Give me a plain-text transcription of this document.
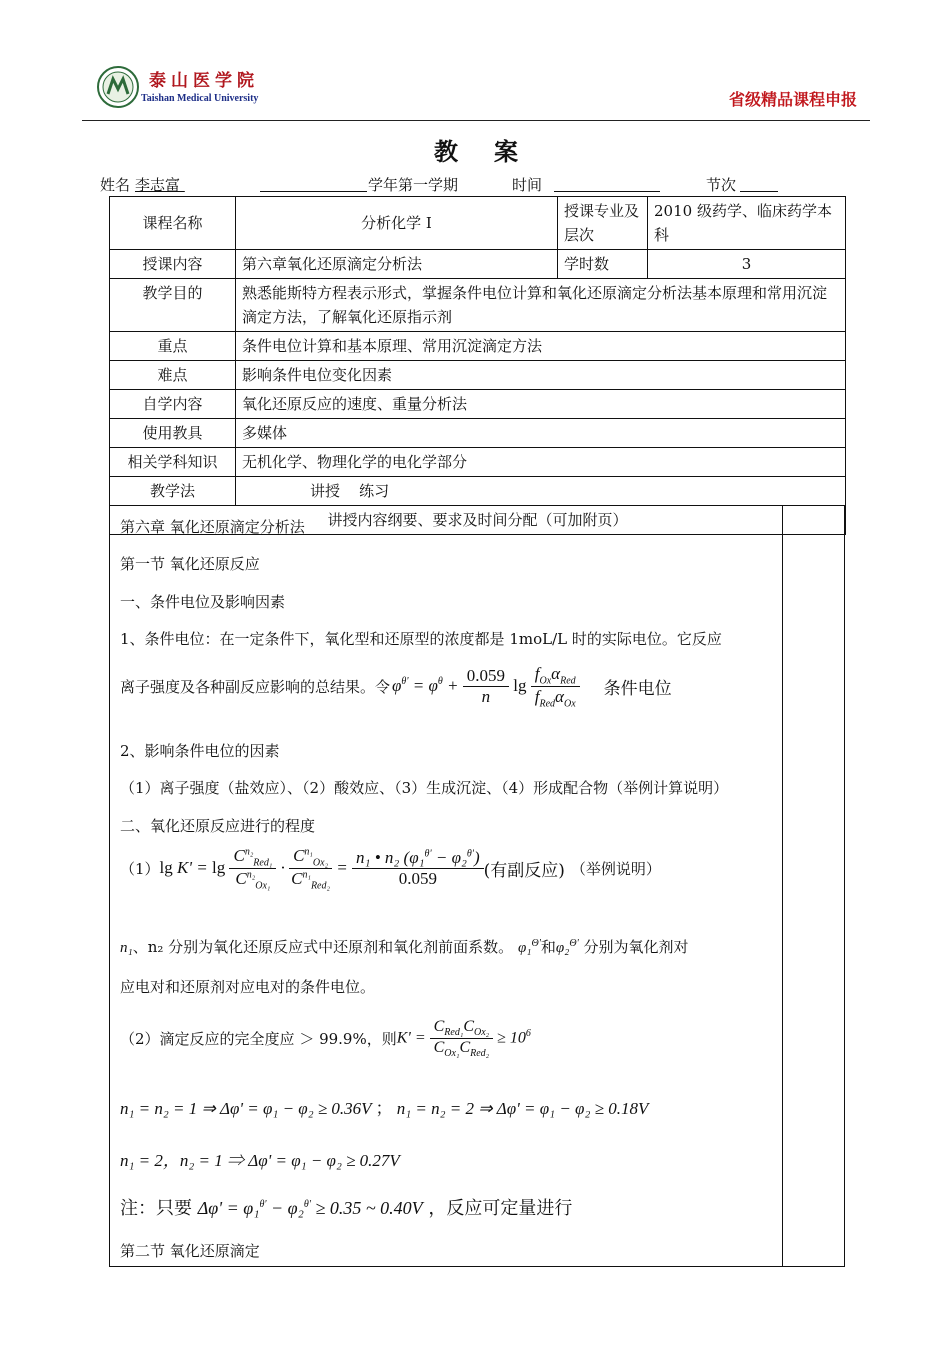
泰山医学院
Taishan Medical University	省级精品课程申报
教案
姓名 李志富	学年第一学期	时间	节次
课程名称	分析化学 I	授课专业及层次	2010 级药学、临床药学本科
授课内容	第六章氧化还原滴定分析法	学时数	3
教学目的	熟悉能斯特方程表示形式，掌握条件电位计算和氧化还原滴定分析法基本原理和常用沉淀滴定方法，了解氧化还原指示剂		
重点	条件电位计算和基本原理、常用沉淀滴定方法		
难点	影响条件电位变化因素		
自学内容	氧化还原反应的速度、重量分析法		
使用教具	多媒体		
相关学科知识	无机化学、物理化学的电化学部分		
教学法	讲授    练习		
讲授内容纲要、要求及时间分配（可加附页）			
第六章 氧化还原滴定分析法
第一节 氧化还原反应
一、条件电位及影响因素
1、条件电位：在一定条件下，氧化型和还原型的浓度都是 1moL/L 时的实际电位。它反应
离子强度及各种副反应影响的总结果。令 $\varphi^{\theta'} = \varphi^\theta + \frac{0.059}{n}$ $\lg \frac{f_{Ox}\alpha_{Red}}{f_{Red}\alpha_{Ox}}$ 条件电位
2、影响条件电位的因素
（1）离子强度（盐效应）、（2）酸效应、（3）生成沉淀、（4）形成配合物（举例计算说明）
二、氧化还原反应进行的程度
（1） $\lg K' = \lg \frac{C^{n_2}_{Red_1}}{C^{n_2}_{Ox_1}} \cdot \frac{C^{n_1}_{Ox_2}}{C^{n_1}_{Red_2}} = \frac{n_1 • n_2 (\varphi_1^{\theta'} - \varphi_2^{\theta'})}{0.059}$ (有副反应) （举例说明）
n₁、n₂ 分别为氧化还原反应式中还原剂和氧化剂前面系数。 φ₁$^{\Theta'}$和φ₂$^{\Theta'}$ 分别为氧化剂对
应电对和还原剂对应电对的条件电位。
（2）滴定反应的完全度应 ＞ 99.9%，则 $K' = \frac{C_{Red_1}C_{Ox_2}}{C_{Ox_1}C_{Red_2}} \ge 10^6$
n₁ = n₂ = 1 ⇒ Δφ' = φ₁ − φ₂ ≥ 0.36V ； n₁ = n₂ = 2 ⇒ Δφ' = φ₁ − φ₂ ≥ 0.18V
n₁ = 2，n₂ = 1 ⇒ Δφ' = φ₁ − φ₂ ≥ 0.27V
注：只要 Δφ' = φ₁$^{\theta'}$ − φ₂$^{\theta'}$ ≥ 0.35 ~ 0.40V ，反应可定量进行
第二节 氧化还原滴定
